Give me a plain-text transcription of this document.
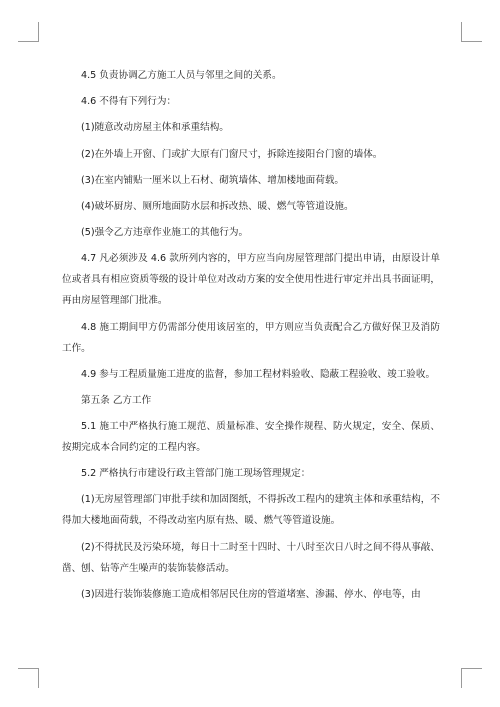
4.5 负责协调乙方施工人员与邻里之间的关系。

4.6 不得有下列行为：

(1)随意改动房屋主体和承重结构。

(2)在外墙上开窗、门或扩大原有门窗尺寸，拆除连接阳台门窗的墙体。

(3)在室内铺贴一厘米以上石材、砌筑墙体、增加楼地面荷载。

(4)破坏厨房、厕所地面防水层和拆改热、暖、燃气等管道设施。

(5)强令乙方违章作业施工的其他行为。

4.7 凡必须涉及 4.6 款所列内容的，甲方应当向房屋管理部门提出申请，由原设计单位或者具有相应资质等级的设计单位对改动方案的安全使用性进行审定并出具书面证明，再由房屋管理部门批准。

4.8 施工期间甲方仍需部分使用该居室的，甲方则应当负责配合乙方做好保卫及消防工作。

4.9 参与工程质量施工进度的监督，参加工程材料验收、隐蔽工程验收、竣工验收。

第五条 乙方工作

5.1 施工中严格执行施工规范、质量标准、安全操作规程、防火规定，安全、保质、按期完成本合同约定的工程内容。

5.2 严格执行市建设行政主管部门施工现场管理规定：

(1)无房屋管理部门审批手续和加固图纸，不得拆改工程内的建筑主体和承重结构，不得加大楼地面荷载，不得改动室内原有热、暖、燃气等管道设施。

(2)不得扰民及污染环境，每日十二时至十四时、十八时至次日八时之间不得从事敲、凿、刨、钻等产生噪声的装饰装修活动。

(3)因进行装饰装修施工造成相邻居民住房的管道堵塞、渗漏、停水、停电等，由
